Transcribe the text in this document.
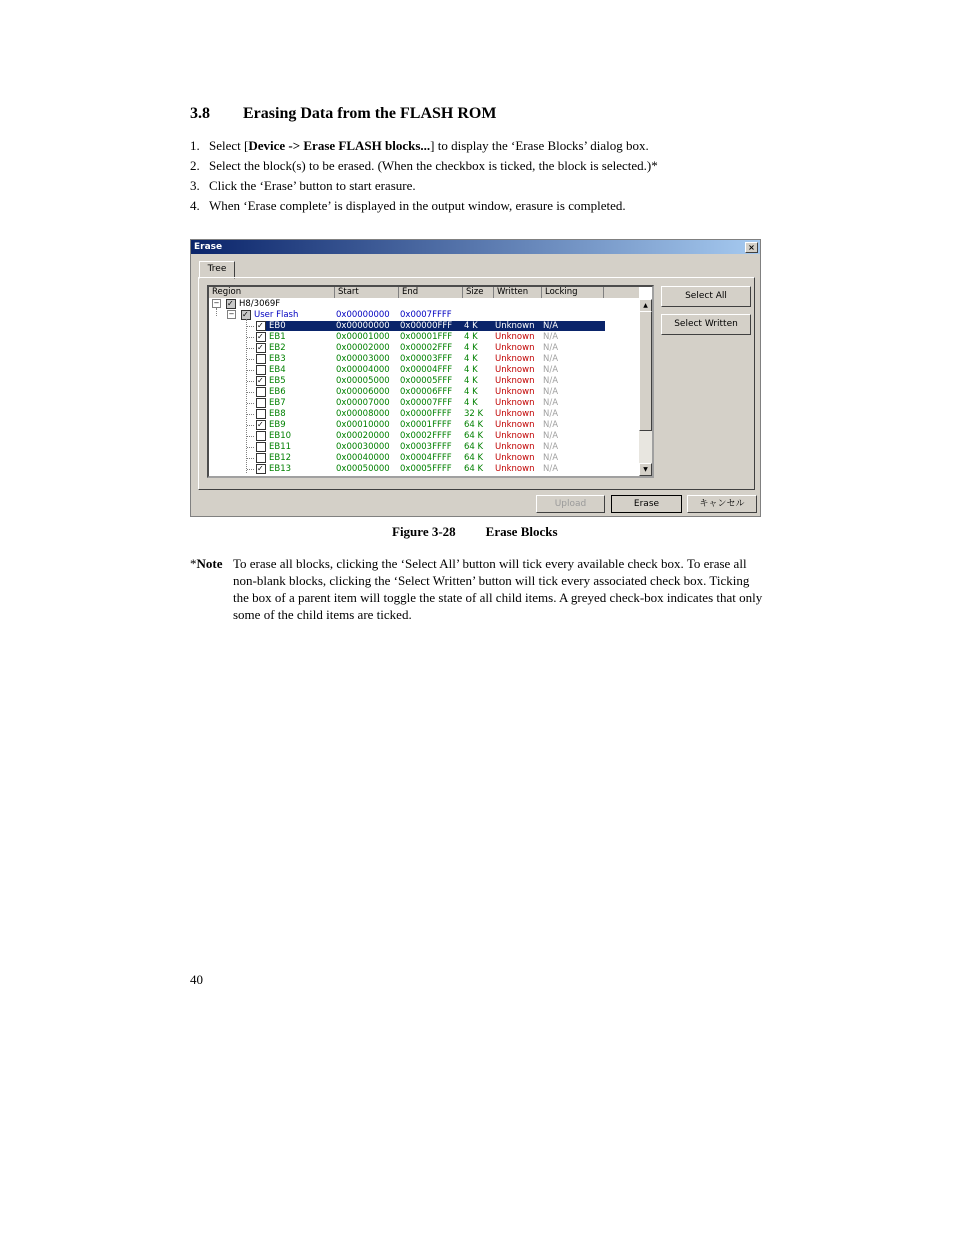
3.8 Erasing Data from the FLASH ROM
1. Select [Device -> Erase FLASH blocks...] to display the ‘Erase Blocks’ dialog box.
2. Select the block(s) to be erased. (When the checkbox is ticked, the block is selected.)*
3. Click the ‘Erase’ button to start erasure.
4. When ‘Erase complete’ is displayed in the output window, erasure is completed.
Erase	×
Tree
Region	Start	End	Size	Written	Locking
− ✓ H8/3069F
− ✓ User Flash	0x00000000 0x0007FFFF
✓
EB0	0x00000000 0x00000FFF 4 K Unknown N/A
✓
EB1	0x00001000 0x00001FFF 4 K Unknown N/A
✓
EB2	0x00002000 0x00002FFF 4 K Unknown N/A
EB3	0x00003000 0x00003FFF 4 K Unknown N/A
EB4	0x00004000 0x00004FFF 4 K Unknown N/A
✓
EB5	0x00005000 0x00005FFF 4 K Unknown N/A
EB6	0x00006000 0x00006FFF 4 K Unknown N/A
EB7	0x00007000 0x00007FFF 4 K Unknown N/A
EB8	0x00008000 0x0000FFFF 32 K Unknown N/A
✓
EB9	0x00010000 0x0001FFFF 64 K Unknown N/A
EB10	0x00020000 0x0002FFFF 64 K Unknown N/A
EB11	0x00030000 0x0003FFFF 64 K Unknown N/A
EB12	0x00040000 0x0004FFFF 64 K Unknown N/A
✓
EB13	0x00050000 0x0005FFFF 64 K Unknown N/A
▲
▼
Select All
Select Written
Upload	Erase	キャンセル
Figure 3-28 Erase Blocks
*Note To erase all blocks, clicking the ‘Select All’ button will tick every available check box. To erase all non-blank blocks, clicking the ‘Select Written’ button will tick every associated check box. Ticking the box of a parent item will toggle the state of all child items. A greyed check-box indicates that only some of the child items are ticked.
40
